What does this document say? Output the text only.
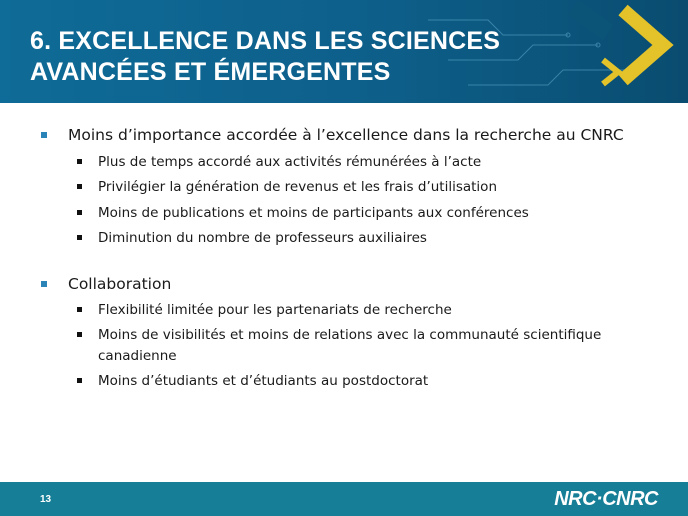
6. EXCELLENCE DANS LES SCIENCES
AVANCÉES ET ÉMERGENTES
Moins d’importance accordée à l’excellence dans la recherche au CNRC
Plus de temps accordé aux activités rémunérées à l’acte
Privilégier la génération de revenus et les frais d’utilisation
Moins de publications et moins de participants aux conférences
Diminution du nombre de professeurs auxiliaires
Collaboration
Flexibilité limitée pour les partenariats de recherche
Moins de visibilités et moins de relations avec la communauté scientifique
canadienne
Moins d’étudiants et d’étudiants au postdoctorat
13	NRC·CNRC
